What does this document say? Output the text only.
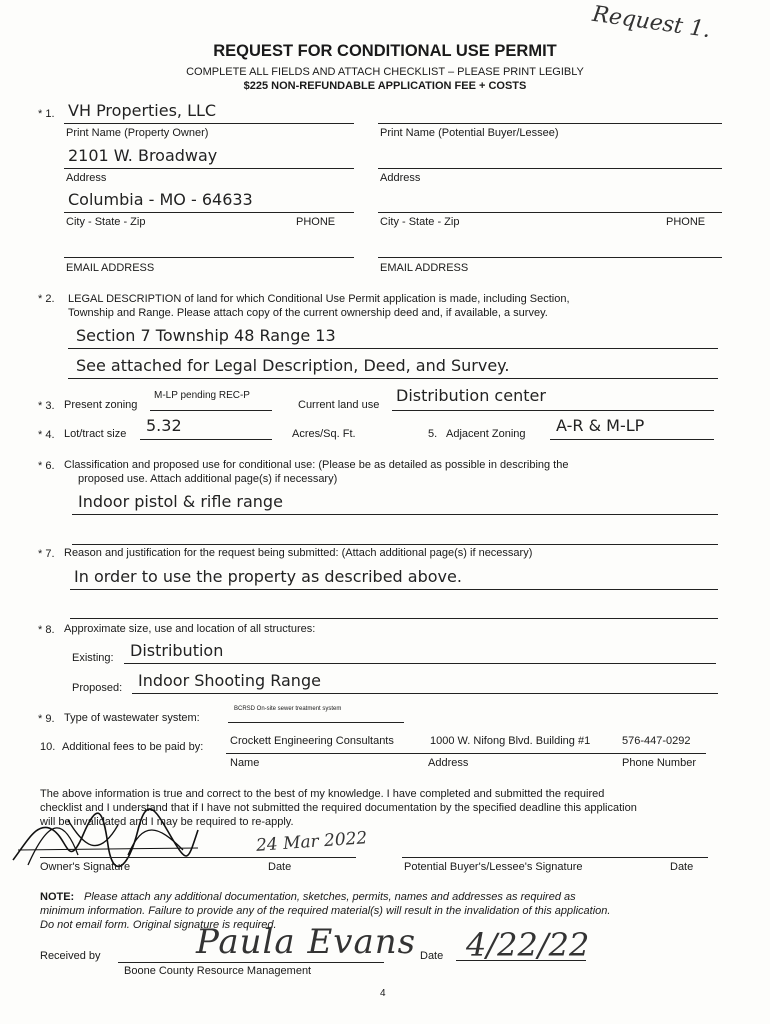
Request 1.
REQUEST FOR CONDITIONAL USE PERMIT
COMPLETE ALL FIELDS AND ATTACH CHECKLIST – PLEASE PRINT LEGIBLY
$225 NON-REFUNDABLE APPLICATION FEE + COSTS
* 1. VH Properties, LLC
Print Name (Property Owner)	Print Name (Potential Buyer/Lessee)
2101 W. Broadway
Address	Address
Columbia - MO - 64633
City - State - Zip	PHONE	City - State - Zip	PHONE
EMAIL ADDRESS	EMAIL ADDRESS
* 2. LEGAL DESCRIPTION of land for which Conditional Use Permit application is made, including Section,
Township and Range. Please attach copy of the current ownership deed and, if available, a survey.
Section 7 Township 48 Range 13
See attached for Legal Description, Deed, and Survey.
* 3. Present zoning
M-LP pending REC-P
Current land use Distribution center
* 4. Lot/tract size 5.32	Acres/Sq. Ft.	5. Adjacent Zoning A-R & M-LP
* 6. Classification and proposed use for conditional use: (Please be as detailed as possible in describing the
proposed use. Attach additional page(s) if necessary)
Indoor pistol & rifle range
* 7. Reason and justification for the request being submitted: (Attach additional page(s) if necessary)
In order to use the property as described above.
* 8. Approximate size, use and location of all structures:
Existing: Distribution
Proposed: Indoor Shooting Range
* 9. Type of wastewater system:
BCRSD On-site sewer treatment system
10. Additional fees to be paid by: Crockett Engineering Consultants	1000 W. Nifong Blvd. Building #1	576-447-0292
Name	Address	Phone Number
The above information is true and correct to the best of my knowledge. I have completed and submitted the required
checklist and I understand that if I have not submitted the required documentation by the specified deadline this application
will be invalidated and I may be required to re-apply.
24 Mar 2022
Owner's Signature	Date	Potential Buyer's/Lessee's Signature	Date
NOTE: Please attach any additional documentation, sketches, permits, names and addresses as required as
minimum information. Failure to provide any of the required material(s) will result in the invalidation of this application.
Do not email form. Original signature is required.
Received by	Paula Evans
Boone County Resource Management
Date 4/22/22
4
